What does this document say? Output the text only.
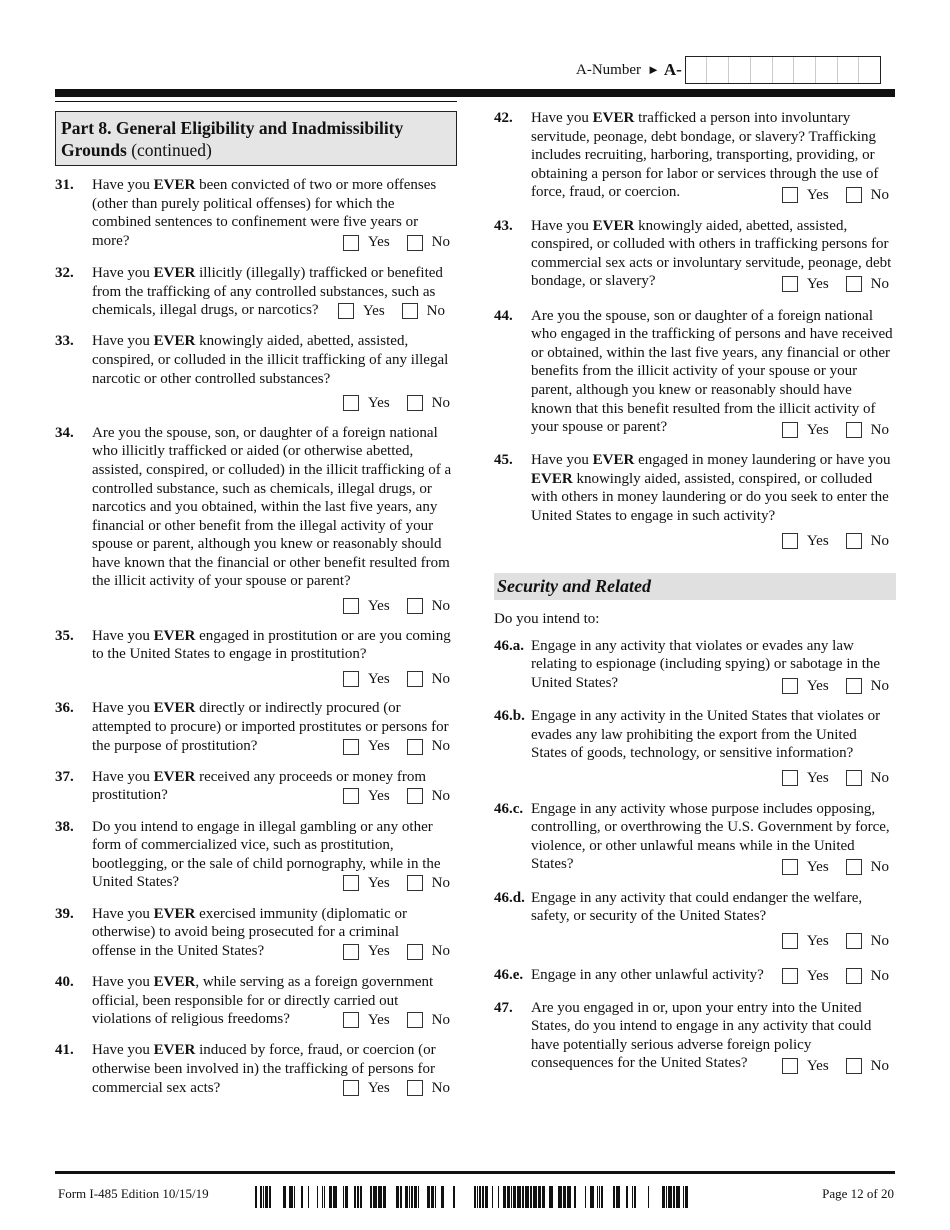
A-Number ► A-
Part 8. General Eligibility and Inadmissibility Grounds (continued)
31.	Have you EVER been convicted of two or more offenses (other than purely political offenses) for which the combined sentences to confinement were five years or more?	Yes	No
32.	Have you EVER illicitly (illegally) trafficked or benefited from the trafficking of any controlled substances, such as chemicals, illegal drugs, or narcotics?	Yes	No
33.	Have you EVER knowingly aided, abetted, assisted, conspired, or colluded in the illicit trafficking of any illegal narcotic or other controlled substances?
Yes	No
34.	Are you the spouse, son, or daughter of a foreign national who illicitly trafficked or aided (or otherwise abetted, assisted, conspired, or colluded) in the illicit trafficking of a controlled substance, such as chemicals, illegal drugs, or narcotics and you obtained, within the last five years, any financial or other benefit from the illegal activity of your spouse or parent, although you knew or reasonably should have known that the financial or other benefit resulted from the illicit activity of your spouse or parent?
Yes	No
35.	Have you EVER engaged in prostitution or are you coming to the United States to engage in prostitution?
Yes	No
36.	Have you EVER directly or indirectly procured (or attempted to procure) or imported prostitutes or persons for the purpose of prostitution?	Yes	No
37.	Have you EVER received any proceeds or money from prostitution?	Yes	No
38.	Do you intend to engage in illegal gambling or any other form of commercialized vice, such as prostitution, bootlegging, or the sale of child pornography, while in the United States?	Yes	No
39.	Have you EVER exercised immunity (diplomatic or otherwise) to avoid being prosecuted for a criminal offense in the United States?	Yes	No
40.	Have you EVER, while serving as a foreign government official, been responsible for or directly carried out violations of religious freedoms?	Yes	No
41.	Have you EVER induced by force, fraud, or coercion (or otherwise been involved in) the trafficking of persons for commercial sex acts?	Yes	No
42.	Have you EVER trafficked a person into involuntary servitude, peonage, debt bondage, or slavery? Trafficking includes recruiting, harboring, transporting, providing, or obtaining a person for labor or services through the use of force, fraud, or coercion.	Yes	No
43.	Have you EVER knowingly aided, abetted, assisted, conspired, or colluded with others in trafficking persons for commercial sex acts or involuntary servitude, peonage, debt bondage, or slavery?	Yes	No
44.	Are you the spouse, son or daughter of a foreign national who engaged in the trafficking of persons and have received or obtained, within the last five years, any financial or other benefits from the illicit activity of your spouse or your parent, although you knew or reasonably should have known that this benefit resulted from the illicit activity of your spouse or parent?	Yes	No
45.	Have you EVER engaged in money laundering or have you EVER knowingly aided, assisted, conspired, or colluded with others in money laundering or do you seek to enter the United States to engage in such activity?
Yes	No
Security and Related
Do you intend to:
46.a. Engage in any activity that violates or evades any law relating to espionage (including spying) or sabotage in the United States?	Yes	No
46.b. Engage in any activity in the United States that violates or evades any law prohibiting the export from the United States of goods, technology, or sensitive information?
Yes	No
46.c. Engage in any activity whose purpose includes opposing, controlling, or overthrowing the U.S. Government by force, violence, or other unlawful means while in the United States?	Yes	No
46.d. Engage in any activity that could endanger the welfare, safety, or security of the United States?
Yes	No
46.e. Engage in any other unlawful activity?	Yes	No
47.	Are you engaged in or, upon your entry into the United States, do you intend to engage in any activity that could have potentially serious adverse foreign policy consequences for the United States?	Yes	No
Form I-485 Edition 10/15/19	Page 12 of 20
